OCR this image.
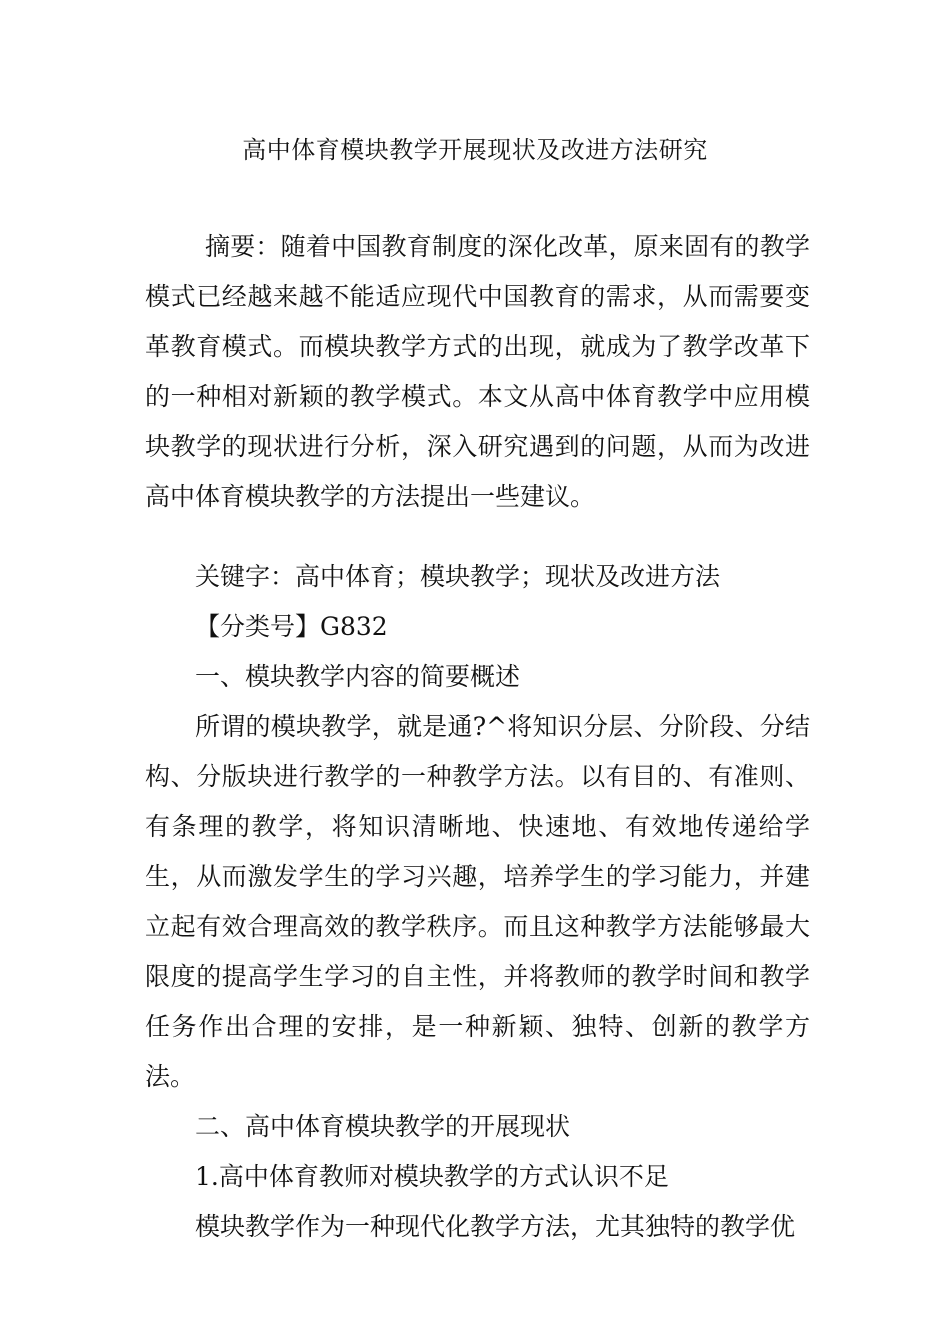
高中体育模块教学开展现状及改进方法研究

摘要：随着中国教育制度的深化改革，原来固有的教学模式已经越来越不能适应现代中国教育的需求，从而需要变革教育模式。而模块教学方式的出现，就成为了教学改革下的一种相对新颖的教学模式。本文从高中体育教学中应用模块教学的现状进行分析，深入研究遇到的问题，从而为改进高中体育模块教学的方法提出一些建议。

关键字：高中体育；模块教学；现状及改进方法

【分类号】G832

一、模块教学内容的简要概述

所谓的模块教学，就是通?^将知识分层、分阶段、分结构、分版块进行教学的一种教学方法。以有目的、有准则、有条理的教学，将知识清晰地、快速地、有效地传递给学生，从而激发学生的学习兴趣，培养学生的学习能力，并建立起有效合理高效的教学秩序。而且这种教学方法能够最大限度的提高学生学习的自主性，并将教师的教学时间和教学任务作出合理的安排，是一种新颖、独特、创新的教学方法。

二、高中体育模块教学的开展现状

1.高中体育教师对模块教学的方式认识不足

模块教学作为一种现代化教学方法，尤其独特的教学优
